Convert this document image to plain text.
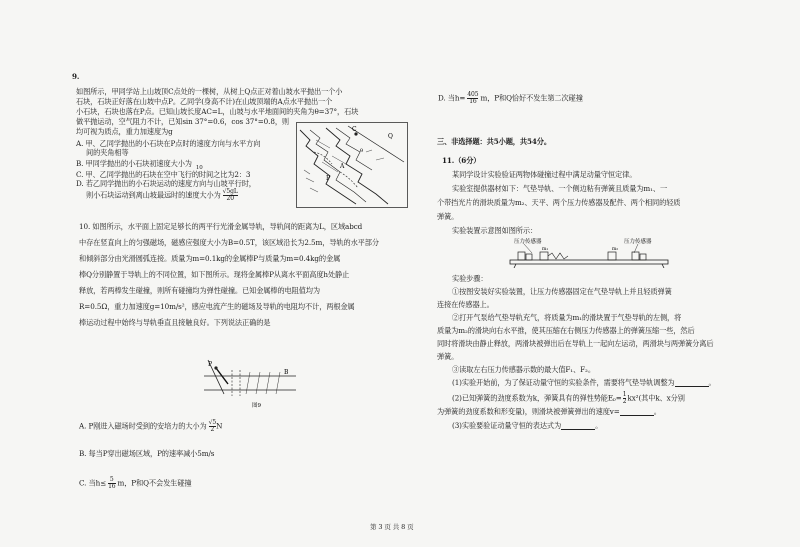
9.
如图所示，甲同学站上山坡顶C点处的一棵树，从树上Q点正对着山坡水平抛出一个小
石块，石块正好落在山坡中点P。乙同学(身高不计)在山坡顶端的A点水平抛出一个
小石块，石块也落在P点。已知山坡长度AC=L，山坡与水平地面间的夹角为θ=37°，石块
做平抛运动，空气阻力不计，已知sin 37°=0.6，cos 37°=0.8，则
均可视为质点，重力加速度为g
A. 甲、乙同学抛出的小石块在P点时的速度方向与水平方向
间的夹角相等
B. 甲同学抛出的小石块初速度大小为 $_{10}$
C. 甲、乙同学抛出的石块在空中飞行的时间之比为2：3
D. 若乙同学抛出的小石块运动的速度方向与山坡平行时，
则小石块运动到离山坡最远时的速度大小为 $\frac{√5gL}{20}$
Q
C
A
P
θ
10. 如图所示，水平面上固定足够长的两平行光滑金属导轨，导轨间的距离为L，区域abcd
中存在竖直向上的匀强磁场，磁感应强度大小为B=0.5T，该区域沿长为2.5m，导轨的水平部分
和倾斜部分由光滑圆弧连接。质量为m=0.1kg的金属棒P与质量为m=0.4kg的金属
棒Q分别静置于导轨上的不同位置，如下图所示。现将金属棒P从离水平面高度h处静止
释放，若两棒发生碰撞，则所有碰撞均为弹性碰撞。已知金属棒的电阻值均为
R=0.5Ω，重力加速度g=10m/s²，感应电流产生的磁场及导轨的电阻均不计，两根金属
棒运动过程中始终与导轨垂直且接触良好。下列说法正确的是
P
B
图9
A. P刚进入磁场时受到的安培力的大小为 $\frac{√5}{2}$ N
B. 每当P穿出磁场区域，P的速率减小5m/s
C. 当$h\le \frac{5}{16}$ m，P和Q不会发生碰撞
D. 当$h= \frac{405}{16}$ m，P和Q恰好不发生第二次碰撞
三、非选择题：共5小题，共54分。
11.（6分）
某同学设计实验验证两物体碰撞过程中满足动量守恒定律。
实验室提供器材如下：气垫导轨、一个侧边粘有弹簧且质量为m₁、一
个带挡光片的滑块质量为m₂、天平、两个压力传感器及配件、两个相同的轻质
弹簧。
实验装置示意图如图所示：
压力传感器	压力传感器
m₁	m₂
实验步骤：
①按图安装好实验装置，让压力传感器固定在气垫导轨上并且轻质弹簧
连接在传感器上。
②打开气泵给气垫导轨充气，将质量为m₁的滑块置于气垫导轨的左侧，将
质量为m₂的滑块向右水平推，使其压缩在右侧压力传感器上的弹簧压缩一些，然后
同时将滑块由静止释放，两滑块被弹出后在导轨上一起向左运动，两滑块与两弹簧分离后
弹簧。
③读取左右压力传感器示数的最大值F₁、F₂。
(1)实验开始前，为了保证动量守恒的实验条件，需要将气垫导轨调整为	。
(2)已知弹簧的劲度系数为k，弹簧具有的弹性势能$E_p= \frac{1}{2} kx^2$(其中k、x分别
为弹簧的劲度系数和形变量)，则滑块被弹簧弹出的速度v=	。
(3)实验要验证动量守恒的表达式为	。
第 3 页 共 8 页
